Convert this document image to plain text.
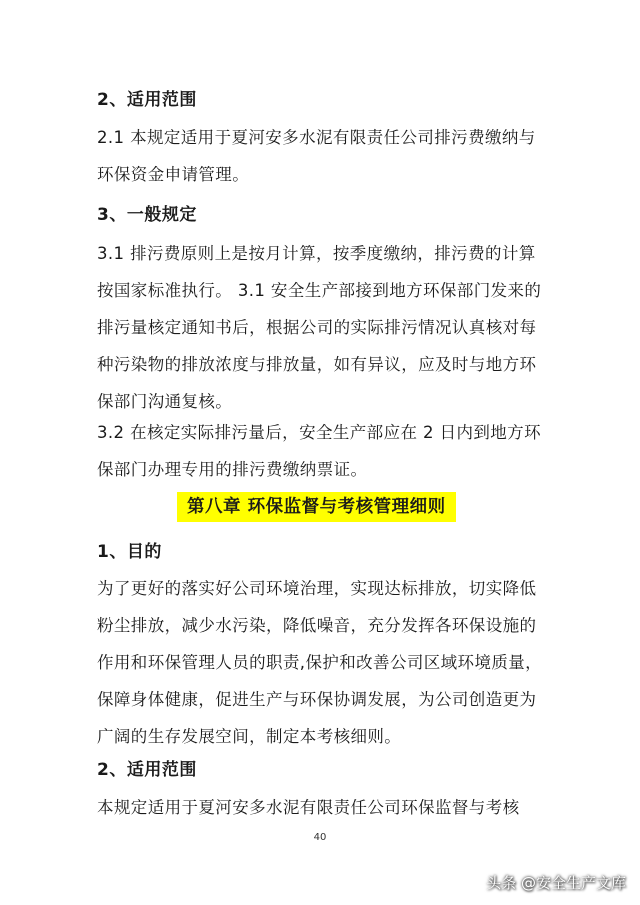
2、适用范围
2.1 本规定适用于夏河安多水泥有限责任公司排污费缴纳与
环保资金申请管理。
3、一般规定
3.1 排污费原则上是按月计算，按季度缴纳，排污费的计算
按国家标准执行。 3.1 安全生产部接到地方环保部门发来的
排污量核定通知书后，根据公司的实际排污情况认真核对每
种污染物的排放浓度与排放量，如有异议，应及时与地方环
保部门沟通复核。
3.2 在核定实际排污量后，安全生产部应在 2 日内到地方环
保部门办理专用的排污费缴纳票证。
第八章 环保监督与考核管理细则
1、目的
为了更好的落实好公司环境治理，实现达标排放，切实降低
粉尘排放，减少水污染，降低噪音，充分发挥各环保设施的
作用和环保管理人员的职责,保护和改善公司区域环境质量，
保障身体健康，促进生产与环保协调发展，为公司创造更为
广阔的生存发展空间，制定本考核细则。
2、适用范围
本规定适用于夏河安多水泥有限责任公司环保监督与考核
40
头条 @安全生产文库
